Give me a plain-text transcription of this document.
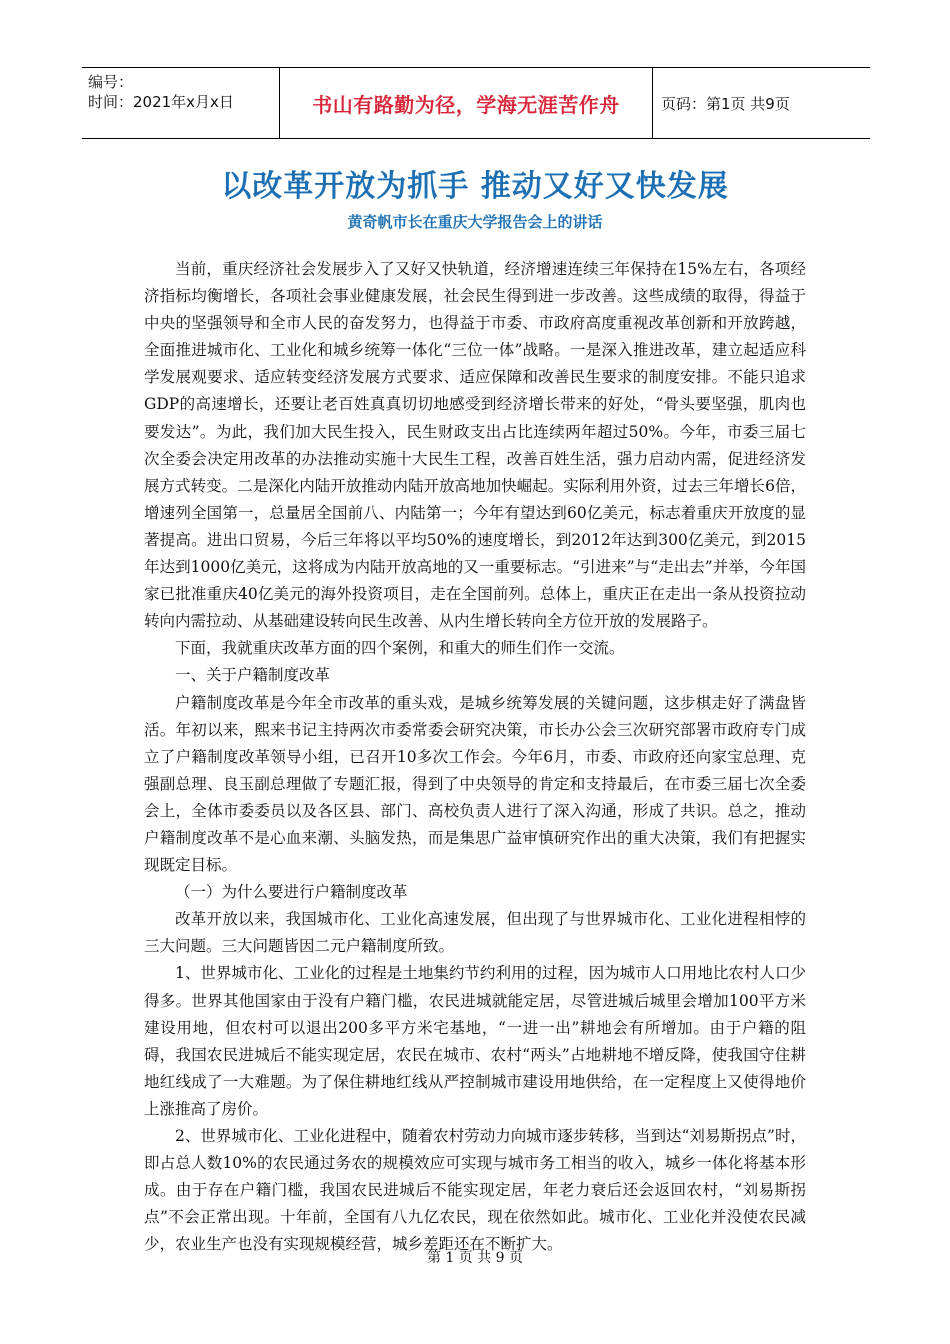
编号：
时间：2021年x月x日	书山有路勤为径，学海无涯苦作舟	页码：第1页 共9页
以改革开放为抓手 推动又好又快发展
黄奇帆市长在重庆大学报告会上的讲话

当前，重庆经济社会发展步入了又好又快轨道，经济增速连续三年保持在15%左右，各项经济指标均衡增长，各项社会事业健康发展，社会民生得到进一步改善。这些成绩的取得，得益于中央的坚强领导和全市人民的奋发努力，也得益于市委、市政府高度重视改革创新和开放跨越，全面推进城市化、工业化和城乡统筹一体化“三位一体”战略。一是深入推进改革，建立起适应科学发展观要求、适应转变经济发展方式要求、适应保障和改善民生要求的制度安排。不能只追求GDP的高速增长，还要让老百姓真真切切地感受到经济增长带来的好处，“骨头要坚强，肌肉也要发达”。为此，我们加大民生投入，民生财政支出占比连续两年超过50%。今年，市委三届七次全委会决定用改革的办法推动实施十大民生工程，改善百姓生活，强力启动内需，促进经济发展方式转变。二是深化内陆开放推动内陆开放高地加快崛起。实际利用外资，过去三年增长6倍，增速列全国第一，总量居全国前八、内陆第一；今年有望达到60亿美元，标志着重庆开放度的显著提高。进出口贸易，今后三年将以平均50%的速度增长，到2012年达到300亿美元，到2015年达到1000亿美元，这将成为内陆开放高地的又一重要标志。“引进来”与“走出去”并举，今年国家已批准重庆40亿美元的海外投资项目，走在全国前列。总体上，重庆正在走出一条从投资拉动转向内需拉动、从基础建设转向民生改善、从内生增长转向全方位开放的发展路子。

下面，我就重庆改革方面的四个案例，和重大的师生们作一交流。

一、关于户籍制度改革

户籍制度改革是今年全市改革的重头戏，是城乡统筹发展的关键问题，这步棋走好了满盘皆活。年初以来，熙来书记主持两次市委常委会研究决策，市长办公会三次研究部署市政府专门成立了户籍制度改革领导小组，已召开10多次工作会。今年6月，市委、市政府还向家宝总理、克强副总理、良玉副总理做了专题汇报，得到了中央领导的肯定和支持最后，在市委三届七次全委会上，全体市委委员以及各区县、部门、高校负责人进行了深入沟通，形成了共识。总之，推动户籍制度改革不是心血来潮、头脑发热，而是集思广益审慎研究作出的重大决策，我们有把握实现既定目标。

（一）为什么要进行户籍制度改革

改革开放以来，我国城市化、工业化高速发展，但出现了与世界城市化、工业化进程相悖的三大问题。三大问题皆因二元户籍制度所致。

1、世界城市化、工业化的过程是土地集约节约利用的过程，因为城市人口用地比农村人口少得多。世界其他国家由于没有户籍门槛，农民进城就能定居，尽管进城后城里会增加100平方米建设用地，但农村可以退出200多平方米宅基地，“一进一出”耕地会有所增加。由于户籍的阻碍，我国农民进城后不能实现定居，农民在城市、农村“两头”占地耕地不增反降，使我国守住耕地红线成了一大难题。为了保住耕地红线从严控制城市建设用地供给，在一定程度上又使得地价上涨推高了房价。

2、世界城市化、工业化进程中，随着农村劳动力向城市逐步转移，当到达“刘易斯拐点”时，即占总人数10%的农民通过务农的规模效应可实现与城市务工相当的收入，城乡一体化将基本形成。由于存在户籍门槛，我国农民进城后不能实现定居，年老力衰后还会返回农村，“刘易斯拐点”不会正常出现。十年前，全国有八九亿农民，现在依然如此。城市化、工业化并没使农民减少，农业生产也没有实现规模经营，城乡差距还在不断扩大。

第 1 页 共 9 页
